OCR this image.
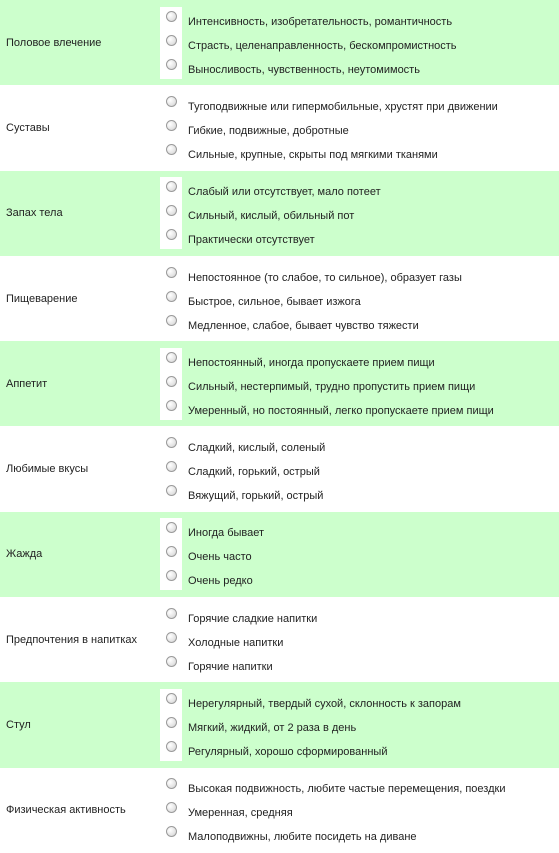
Половое влечение
Интенсивность, изобретательность, романтичность
Страсть, целенаправленность, бескомпромистность
Выносливость, чувственность, неутомимость
Суставы
Тугоподвижные или гипермобильные, хрустят при движении
Гибкие, подвижные, добротные
Сильные, крупные, скрыты под мягкими тканями
Запах тела
Слабый или отсутствует, мало потеет
Сильный, кислый, обильный пот
Практически отсутствует
Пищеварение
Непостоянное (то слабое, то сильное), образует газы
Быстрое, сильное, бывает изжога
Медленное, слабое, бывает чувство тяжести
Аппетит
Непостоянный, иногда пропускаете прием пищи
Сильный, нестерпимый, трудно пропустить прием пищи
Умеренный, но постоянный, легко пропускаете прием пищи
Любимые вкусы
Сладкий, кислый, соленый
Сладкий, горький, острый
Вяжущий, горький, острый
Жажда
Иногда бывает
Очень часто
Очень редко
Предпочтения в напитках
Горячие сладкие напитки
Холодные напитки
Горячие напитки
Стул
Нерегулярный, твердый сухой, склонность к запорам
Мягкий, жидкий, от 2 раза в день
Регулярный, хорошо сформированный
Физическая активность
Высокая подвижность, любите частые перемещения, поездки
Умеренная, средняя
Малоподвижны, любите посидеть на диване
